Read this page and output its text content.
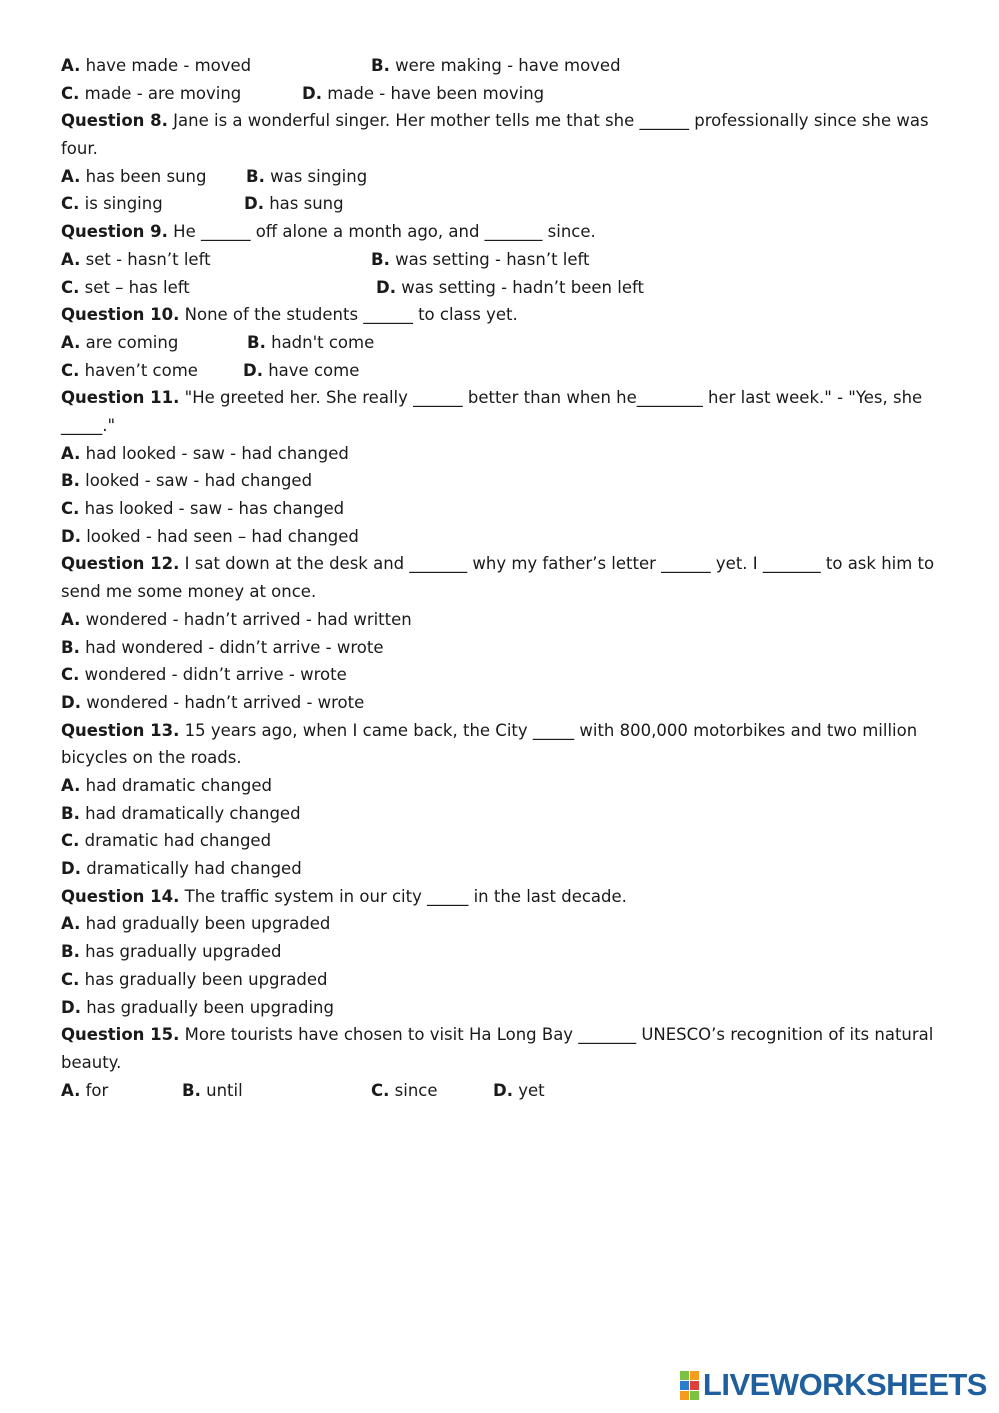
A. have made - moved	B. were making - have moved
C. made - are moving	D. made - have been moving
Question 8. Jane is a wonderful singer. Her mother tells me that she ______ professionally since she was four.
A. has been sung B. was singing
C. is singing	D. has sung
Question 9. He ______ off alone a month ago, and _______ since.
A. set - hasn’t left	B. was setting - hasn’t left
C. set – has left	D. was setting - hadn’t been left
Question 10. None of the students ______ to class yet.
A. are coming	B. hadn't come
C. haven’t come	D. have come
Question 11. "He greeted her. She really ______ better than when he________ her last week." - "Yes, she _____."
A. had looked - saw - had changed
B. looked - saw - had changed
C. has looked - saw - has changed
D. looked - had seen – had changed
Question 12. I sat down at the desk and _______ why my father’s letter ______ yet. I _______ to ask him to send me some money at once.
A. wondered - hadn’t arrived - had written
B. had wondered - didn’t arrive - wrote
C. wondered - didn’t arrive - wrote
D. wondered - hadn’t arrived - wrote
Question 13. 15 years ago, when I came back, the City _____ with 800,000 motorbikes and two million bicycles on the roads.
A. had dramatic changed
B. had dramatically changed
C. dramatic had changed
D. dramatically had changed
Question 14. The traffic system in our city _____ in the last decade.
A. had gradually been upgraded
B. has gradually upgraded
C. has gradually been upgraded
D. has gradually been upgrading
Question 15. More tourists have chosen to visit Ha Long Bay _______ UNESCO’s recognition of its natural beauty.
A. for	B. until	C. since	D. yet
LIVEWORKSHEETS
